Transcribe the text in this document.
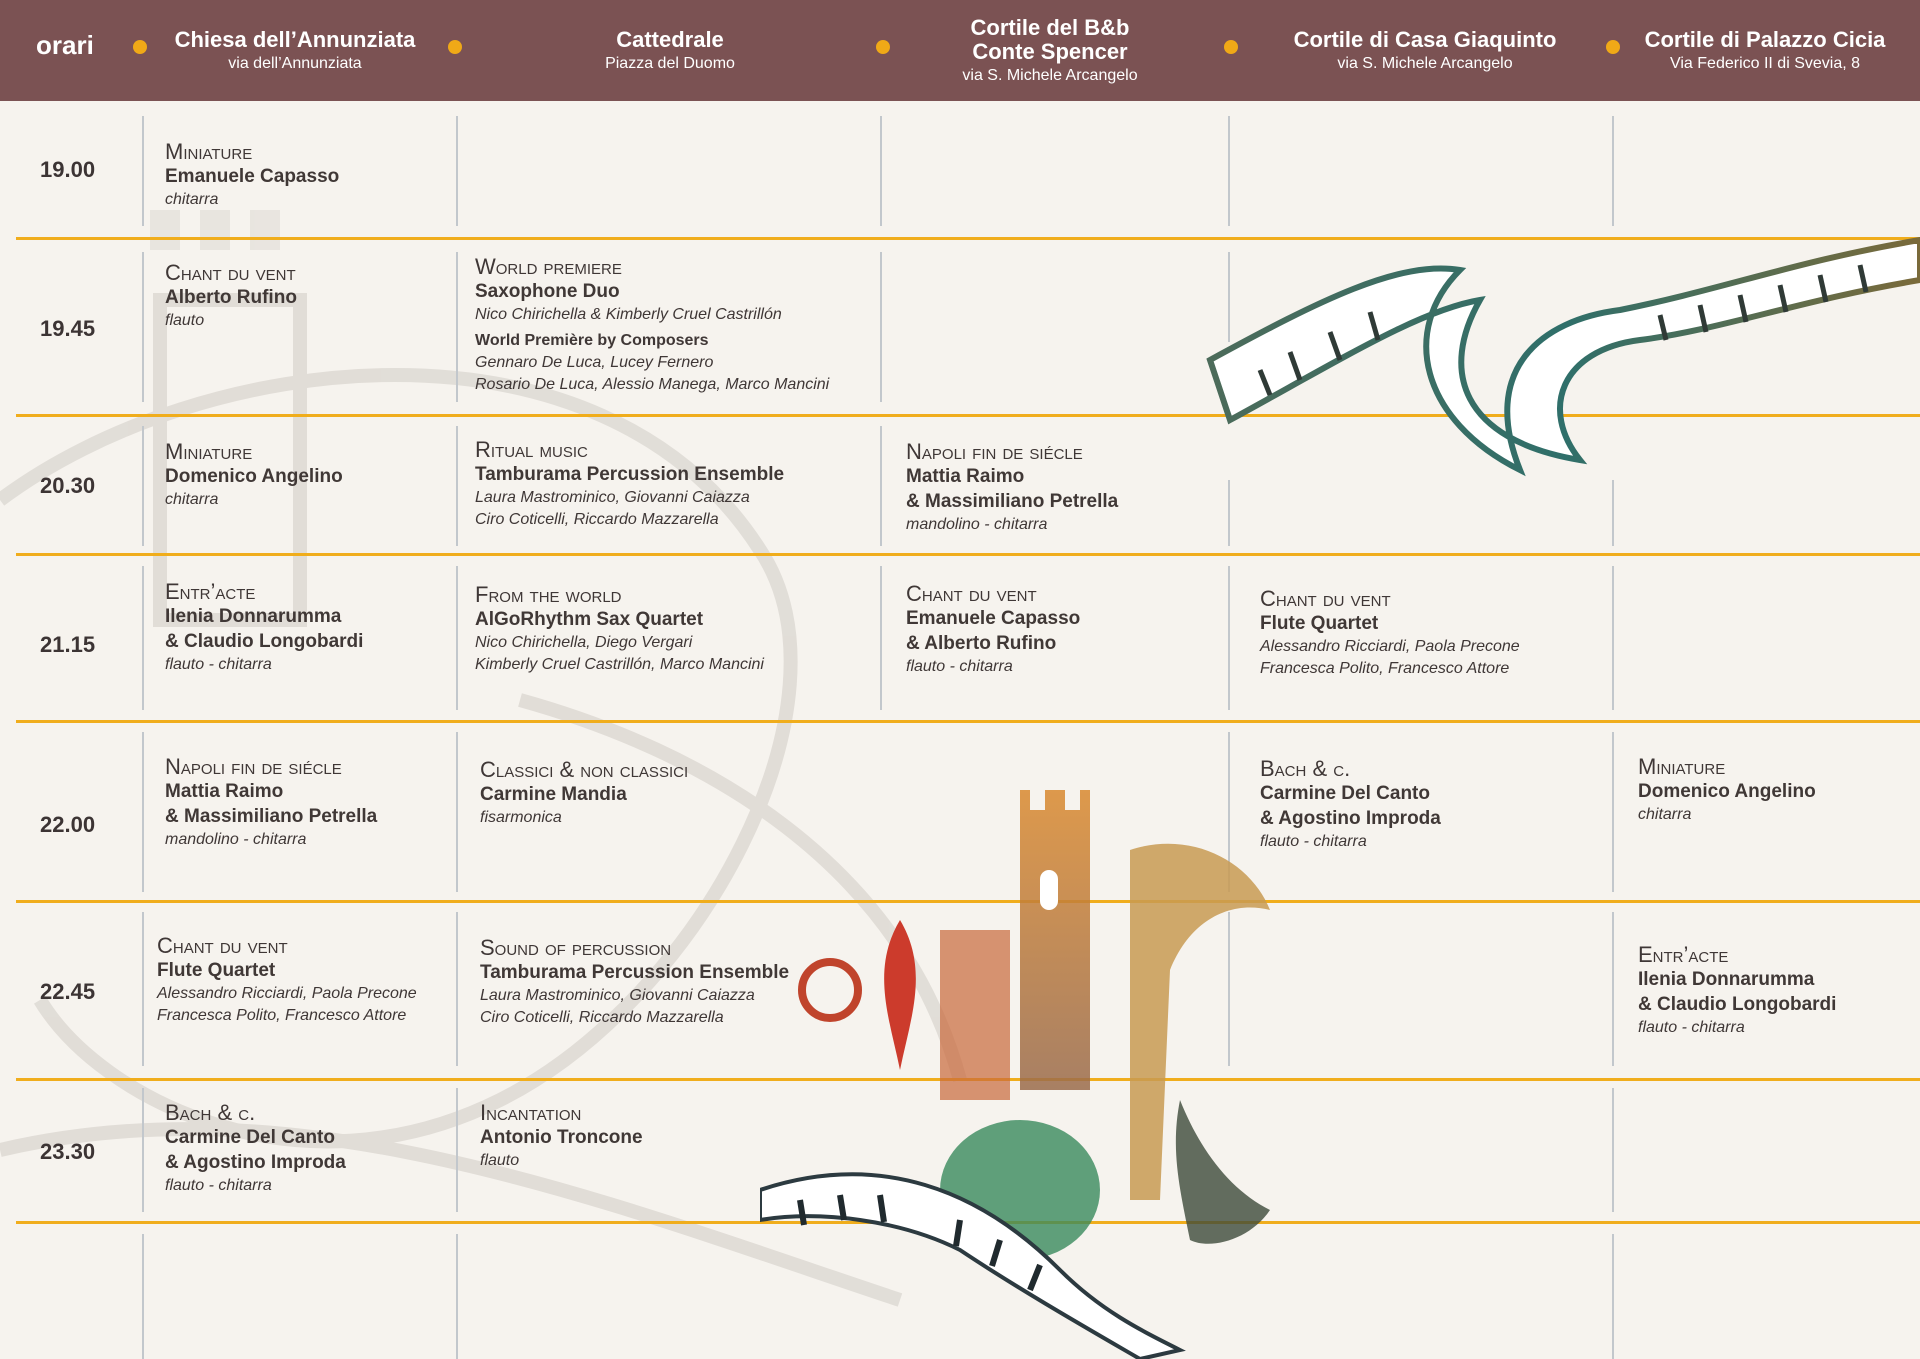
orari	Chiesa dell’Annunziata
via dell’Annunziata
Cattedrale
Piazza del Duomo
Cortile del B&b
Conte Spencer
via S. Michele Arcangelo
Cortile di Casa Giaquinto
via S. Michele Arcangelo
Cortile di Palazzo Cicia
Via Federico II di Svevia, 8
19.00
19.45
20.30
21.15
22.00
22.45
23.30
Miniature
Emanuele Capasso
chitarra
Chant du vent
Alberto Rufino
flauto
World premiere
Saxophone Duo
Nico Chirichella & Kimberly Cruel Castrillón
World Première by Composers
Gennaro De Luca, Lucey Fernero
Rosario De Luca, Alessio Manega, Marco Mancini
Miniature
Domenico Angelino
chitarra
Ritual music
Tamburama Percussion Ensemble
Laura Mastrominico, Giovanni Caiazza
Ciro Coticelli, Riccardo Mazzarella
Napoli fin de siécle
Mattia Raimo
& Massimiliano Petrella
mandolino - chitarra
Entr’acte
Ilenia Donnarumma
& Claudio Longobardi
flauto - chitarra
From the world
AlGoRhythm Sax Quartet
Nico Chirichella, Diego Vergari
Kimberly Cruel Castrillón, Marco Mancini
Chant du vent
Emanuele Capasso
& Alberto Rufino
flauto - chitarra
Chant du vent
Flute Quartet
Alessandro Ricciardi, Paola Precone
Francesca Polito, Francesco Attore
Napoli fin de siécle
Mattia Raimo
& Massimiliano Petrella
mandolino - chitarra
Classici & non classici
Carmine Mandia
fisarmonica
Bach & c.
Carmine Del Canto
& Agostino Improda
flauto - chitarra
Miniature
Domenico Angelino
chitarra
Chant du vent
Flute Quartet
Alessandro Ricciardi, Paola Precone
Francesca Polito, Francesco Attore
Sound of percussion
Tamburama Percussion Ensemble
Laura Mastrominico, Giovanni Caiazza
Ciro Coticelli, Riccardo Mazzarella
Entr’acte
Ilenia Donnarumma
& Claudio Longobardi
flauto - chitarra
Bach & c.
Carmine Del Canto
& Agostino Improda
flauto - chitarra
Incantation
Antonio Troncone
flauto
